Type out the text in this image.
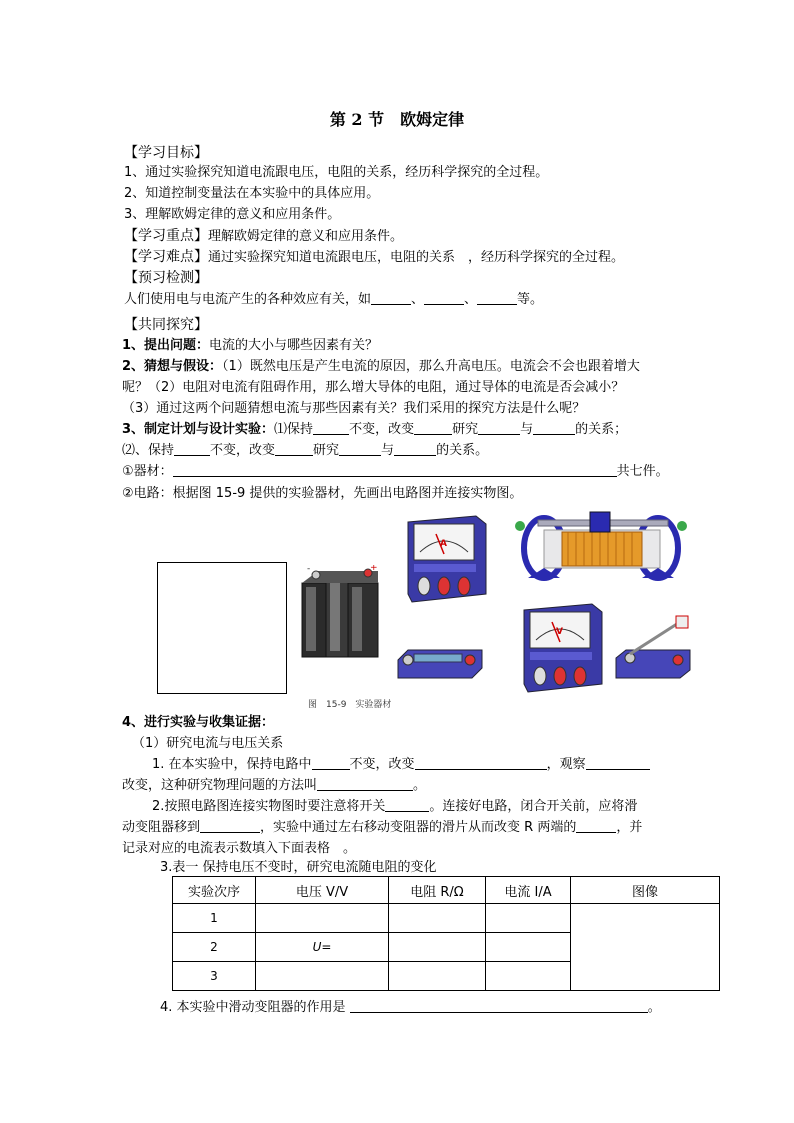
第 2 节　欧姆定律
【学习目标】
1、通过实验探究知道电流跟电压，电阻的关系，经历科学探究的全过程。
2、知道控制变量法在本实验中的具体应用。
3、理解欧姆定律的意义和应用条件。
【学习重点】理解欧姆定律的意义和应用条件。
【学习难点】通过实验探究知道电流跟电压，电阻的关系　，经历科学探究的全过程。
【预习检测】
人们使用电与电流产生的各种效应有关，如	、	、	等。
【共同探究】
1、提出问题：电流的大小与哪些因素有关？
2、猜想与假设：（1）既然电压是产生电流的原因，那么升高电压。电流会不会也跟着增大
呢？（2）电阻对电流有阻碍作用，那么增大导体的电阻，通过导体的电流是否会减小？
（3）通过这两个问题猜想电流与那些因素有关？我们采用的探究方法是什么呢？
3、制定计划与设计实验：⑴保持	不变，改变	研究	与	的关系；
⑵、保持	不变，改变	研究	与	的关系。
①器材：	共七件。
②电路：根据图 15-9 提供的实验器材，先画出电路图并连接实物图。
-	+
A
V
图　15-9　实验器材
4、进行实验与收集证据：
（1）研究电流与电压关系
1. 在本实验中，保持电路中	不变，改变	，观察
改变，这种研究物理问题的方法叫	。
2.按照电路图连接实物图时要注意将开关	。连接好电路，闭合开关前，应将滑
动变阻器移到	，实验中通过左右移动变阻器的滑片从而改变 R 两端的	，并
记录对应的电流表示数填入下面表格　。
3.表一 保持电压不变时，研究电流随电阻的变化
实验次序	电压 V/V	电阻 R/Ω	电流 I/A	图像
1				
2	U=			
3				
4. 本实验中滑动变阻器的作用是	。
